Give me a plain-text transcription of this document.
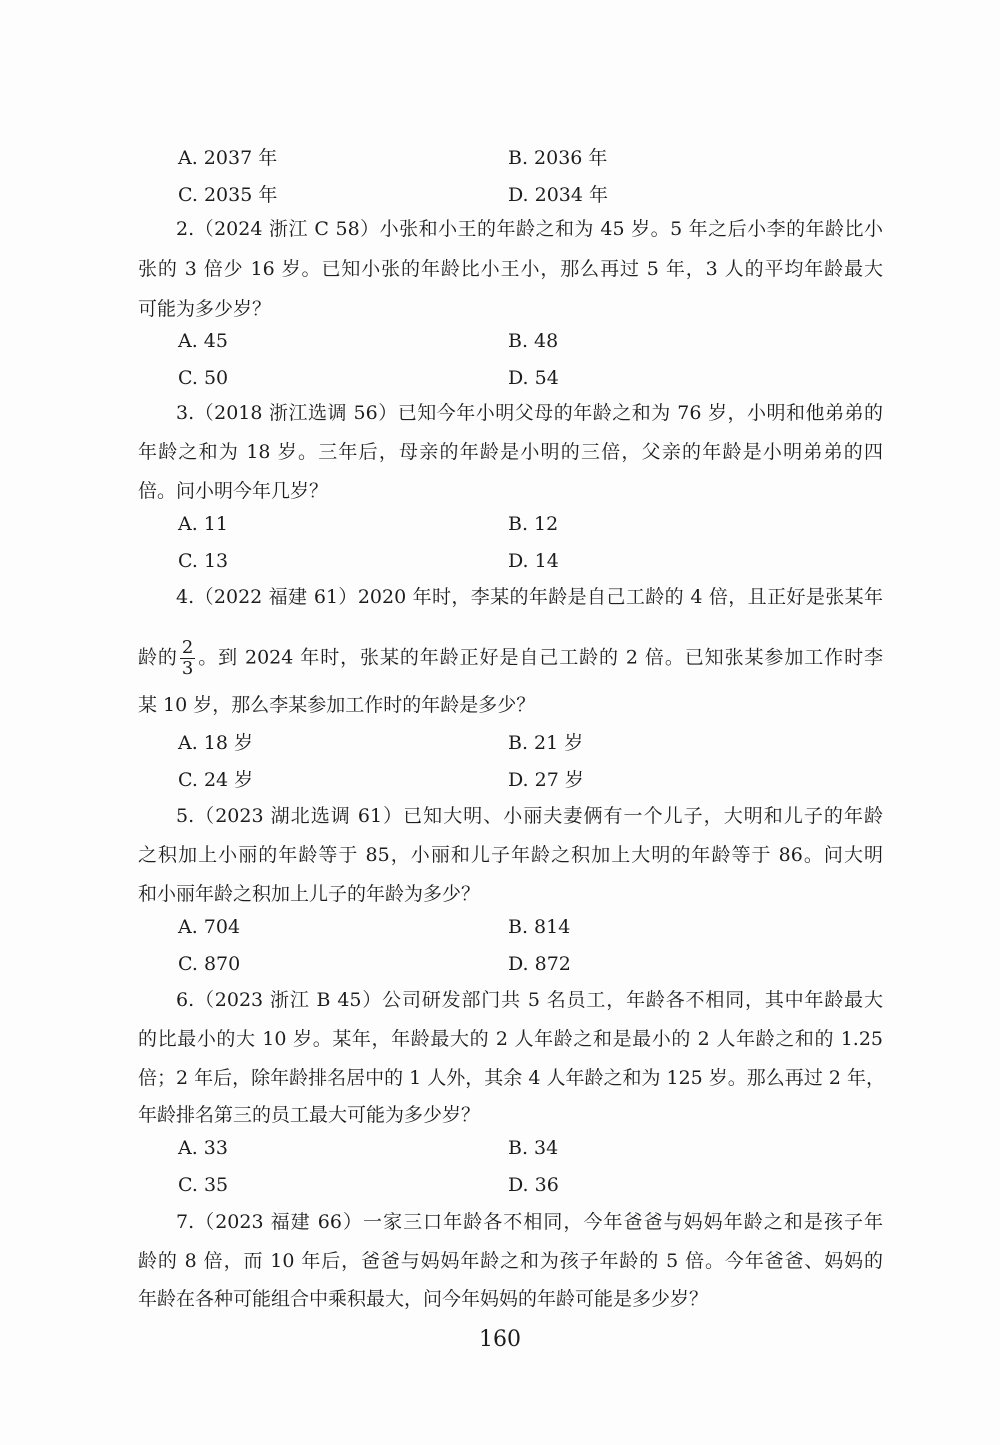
A. 2037 年	B. 2036 年
C. 2035 年	D. 2034 年
2.（2024 浙江 C 58）小张和小王的年龄之和为 45 岁。5 年之后小李的年龄比小
张的 3 倍少 16 岁。已知小张的年龄比小王小，那么再过 5 年，3 人的平均年龄最大
可能为多少岁？
A. 45	B. 48
C. 50	D. 54
3.（2018 浙江选调 56）已知今年小明父母的年龄之和为 76 岁，小明和他弟弟的
年龄之和为 18 岁。三年后，母亲的年龄是小明的三倍，父亲的年龄是小明弟弟的四
倍。问小明今年几岁？
A. 11	B. 12
C. 13	D. 14
4.（2022 福建 61）2020 年时，李某的年龄是自己工龄的 4 倍，且正好是张某年
龄的 $\frac{2}{3}$ 。到 2024 年时，张某的年龄正好是自己工龄的 2 倍。已知张某参加工作时李
某 10 岁，那么李某参加工作时的年龄是多少？
A. 18 岁	B. 21 岁
C. 24 岁	D. 27 岁
5.（2023 湖北选调 61）已知大明、小丽夫妻俩有一个儿子，大明和儿子的年龄
之积加上小丽的年龄等于 85，小丽和儿子年龄之积加上大明的年龄等于 86。问大明
和小丽年龄之积加上儿子的年龄为多少？
A. 704	B. 814
C. 870	D. 872
6.（2023 浙江 B 45）公司研发部门共 5 名员工，年龄各不相同，其中年龄最大
的比最小的大 10 岁。某年，年龄最大的 2 人年龄之和是最小的 2 人年龄之和的 1.25
倍；2 年后，除年龄排名居中的 1 人外，其余 4 人年龄之和为 125 岁。那么再过 2 年，
年龄排名第三的员工最大可能为多少岁？
A. 33	B. 34
C. 35	D. 36
7.（2023 福建 66）一家三口年龄各不相同，今年爸爸与妈妈年龄之和是孩子年
龄的 8 倍，而 10 年后，爸爸与妈妈年龄之和为孩子年龄的 5 倍。今年爸爸、妈妈的
年龄在各种可能组合中乘积最大，问今年妈妈的年龄可能是多少岁？
160
